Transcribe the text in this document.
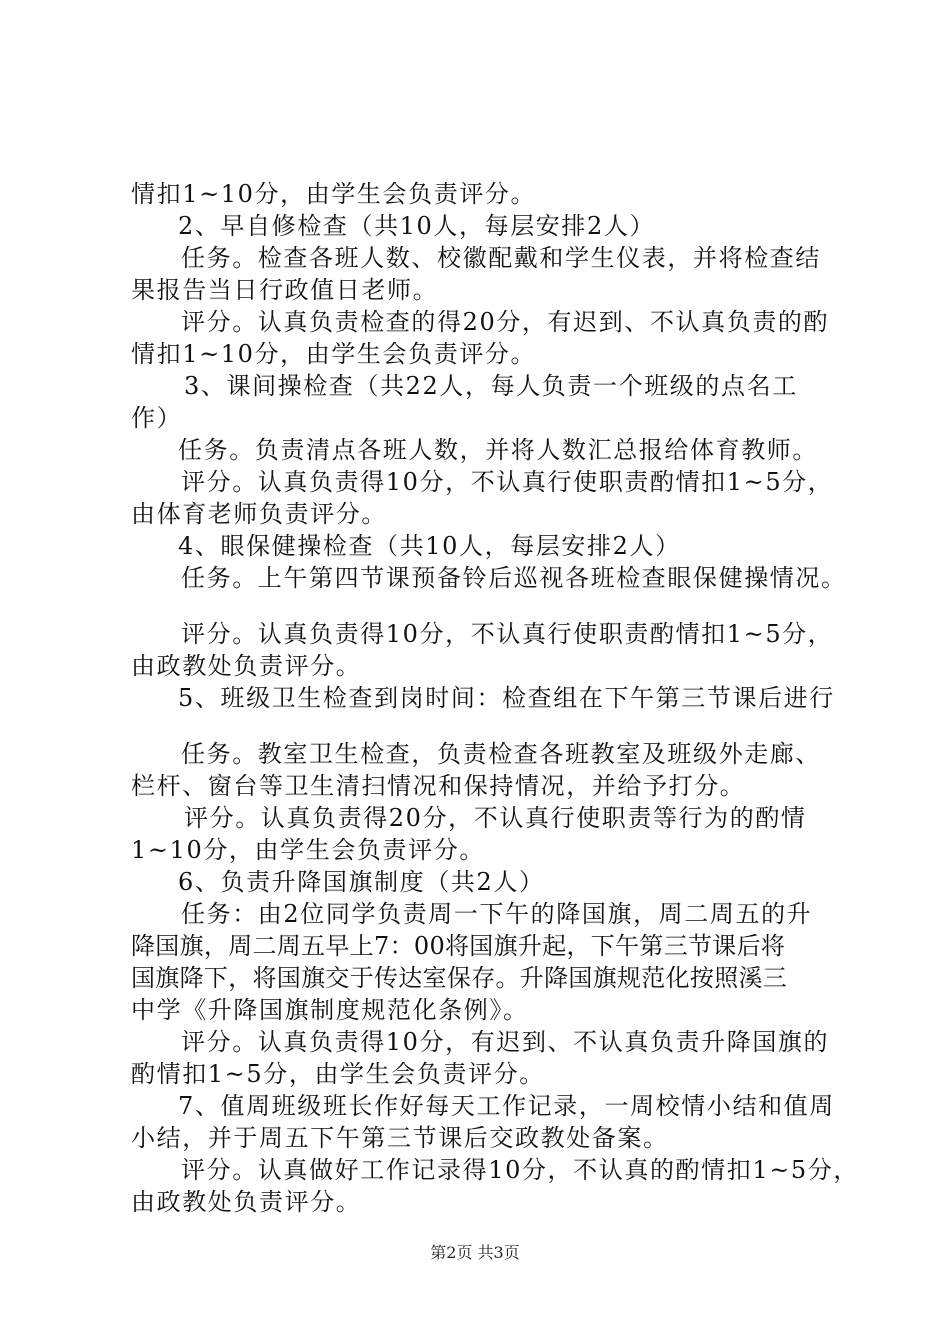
情扣1~10分，由学生会负责评分。
2、早自修检查（共10人，每层安排2人）
任务。检查各班人数、校徽配戴和学生仪表，并将检查结
果报告当日行政值日老师。
评分。认真负责检查的得20分，有迟到、不认真负责的酌
情扣1~10分，由学生会负责评分。
3、课间操检查（共22人，每人负责一个班级的点名工
作）
任务。负责清点各班人数，并将人数汇总报给体育教师。
评分。认真负责得10分，不认真行使职责酌情扣1~5分，
由体育老师负责评分。
4、眼保健操检查（共10人，每层安排2人）
任务。上午第四节课预备铃后巡视各班检查眼保健操情况。
评分。认真负责得10分，不认真行使职责酌情扣1~5分，
由政教处负责评分。
5、班级卫生检查到岗时间：检查组在下午第三节课后进行
任务。教室卫生检查，负责检查各班教室及班级外走廊、
栏杆、窗台等卫生清扫情况和保持情况，并给予打分。
评分。认真负责得20分，不认真行使职责等行为的酌情
1~10分，由学生会负责评分。
6、负责升降国旗制度（共2人）
任务：由2位同学负责周一下午的降国旗，周二周五的升
降国旗，周二周五早上7：00将国旗升起，下午第三节课后将
国旗降下，将国旗交于传达室保存。升降国旗规范化按照溪三
中学《升降国旗制度规范化条例》。
评分。认真负责得10分，有迟到、不认真负责升降国旗的
酌情扣1~5分，由学生会负责评分。
7、值周班级班长作好每天工作记录，一周校情小结和值周
小结，并于周五下午第三节课后交政教处备案。
评分。认真做好工作记录得10分，不认真的酌情扣1~5分，
由政教处负责评分。
第2页 共3页
